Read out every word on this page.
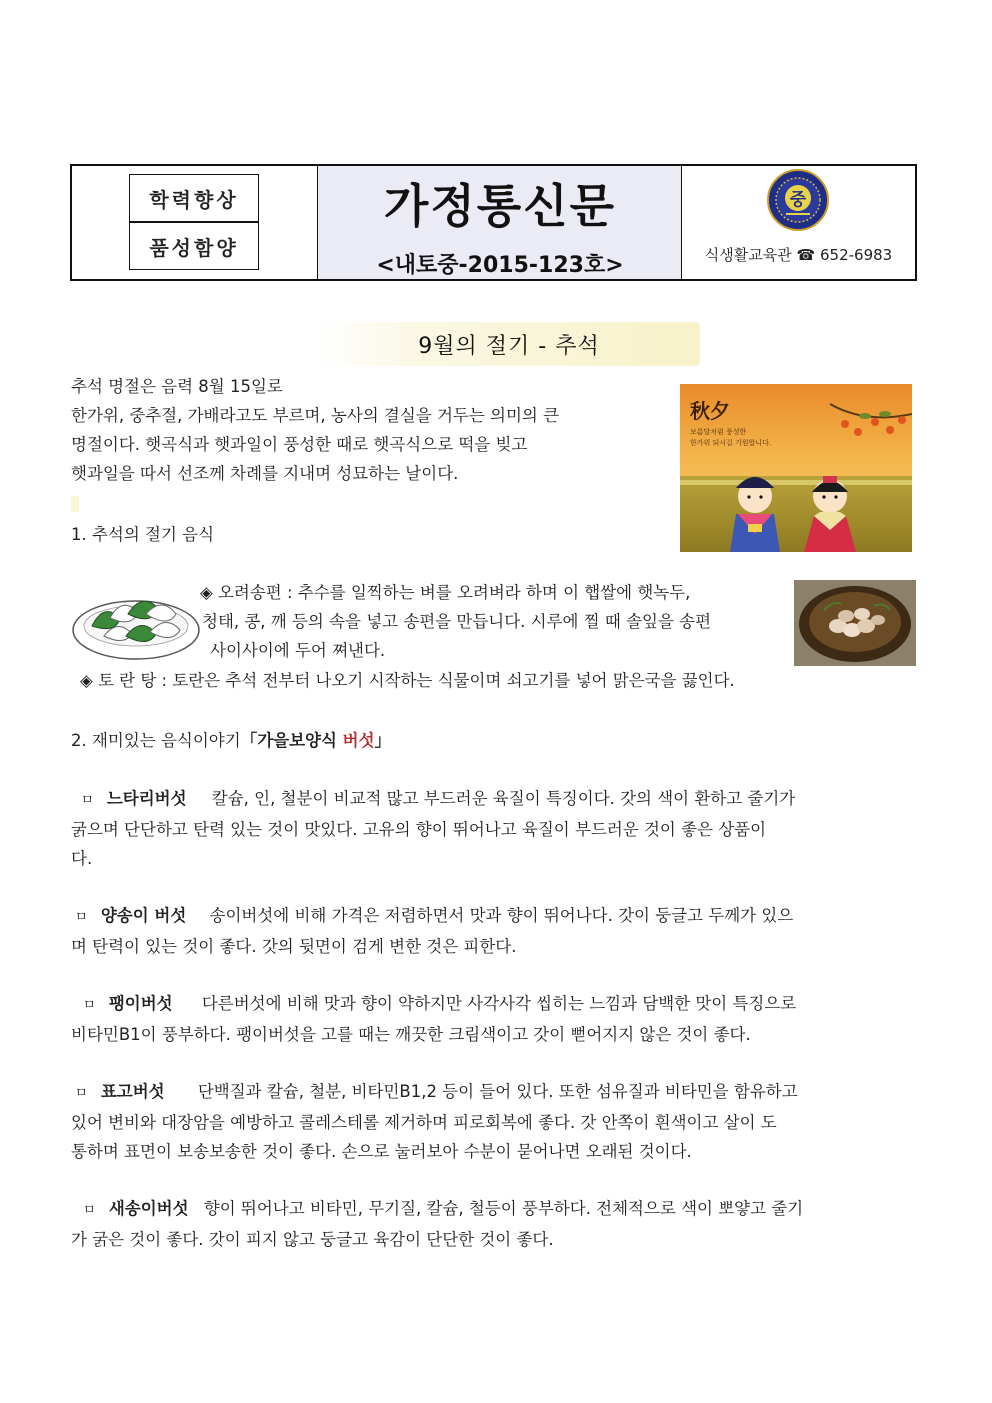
학력향상
품성함양
가정통신문
<내토중-2015-123호>
중
식생활교육관 ☎ 652-6983
9월의 절기 - 추석
추석 명절은 음력 8월 15일로
한가위, 중추절, 가배라고도 부르며, 농사의 결실을 거두는 의미의 큰
명절이다. 햇곡식과 햇과일이 풍성한 때로 햇곡식으로 떡을 빚고
햇과일을 따서 선조께 차례를 지내며 성묘하는 날이다.
秋夕
보름달처럼 풍성한
한가위 되시길 기원합니다.
1. 추석의 절기 음식
◈ 오려송편 : 추수를 일찍하는 벼를 오려벼라 하며 이 햅쌀에 햇녹두,
청태, 콩, 깨 등의 속을 넣고 송편을 만듭니다. 시루에 찔 때 솔잎을 송편
사이사이에 두어 쪄낸다.
◈ 토 란 탕 : 토란은 추석 전부터 나오기 시작하는 식물이며 쇠고기를 넣어 맑은국을 끓인다.
2. 재미있는 음식이야기「가을보양식 버섯」
ㅁ 느타리버섯 칼슘, 인, 철분이 비교적 많고 부드러운 육질이 특징이다. 갓의 색이 환하고 줄기가
굵으며 단단하고 탄력 있는 것이 맛있다. 고유의 향이 뛰어나고 육질이 부드러운 것이 좋은 상품이
다.
ㅁ 양송이 버섯 송이버섯에 비해 가격은 저렴하면서 맛과 향이 뛰어나다. 갓이 둥글고 두께가 있으
며 탄력이 있는 것이 좋다. 갓의 뒷면이 검게 변한 것은 피한다.
ㅁ 팽이버섯 다른버섯에 비해 맛과 향이 약하지만 사각사각 씹히는 느낌과 담백한 맛이 특징으로
비타민B1이 풍부하다. 팽이버섯을 고를 때는 깨끗한 크림색이고 갓이 뻗어지지 않은 것이 좋다.
ㅁ 표고버섯 단백질과 칼슘, 철분, 비타민B1,2 등이 들어 있다. 또한 섬유질과 비타민을 함유하고
있어 변비와 대장암을 예방하고 콜레스테롤 제거하며 피로회복에 좋다. 갓 안쪽이 흰색이고 살이 도
통하며 표면이 보송보송한 것이 좋다. 손으로 눌러보아 수분이 묻어나면 오래된 것이다.
ㅁ 새송이버섯 향이 뛰어나고 비타민, 무기질, 칼슘, 철등이 풍부하다. 전체적으로 색이 뽀얗고 줄기
가 굵은 것이 좋다. 갓이 피지 않고 둥글고 육감이 단단한 것이 좋다.
